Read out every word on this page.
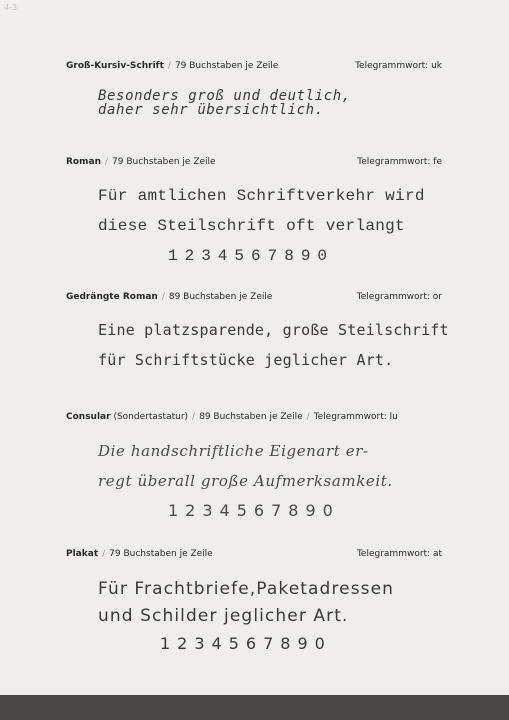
4-3
Groß-Kursiv-Schrift / 79 Buchstaben je Zeile	Telegrammwort: uk
Besonders groß und deutlich,
daher sehr übersichtlich.
Roman / 79 Buchstaben je Zeile	Telegrammwort: fe
Für amtlichen Schriftverkehr wird
diese Steilschrift oft verlangt
1234567890
Gedrängte Roman / 89 Buchstaben je Zeile	Telegrammwort: or
Eine platzsparende, große Steilschrift
für Schriftstücke jeglicher Art.
Consular (Sondertastatur) / 89 Buchstaben je Zeile / Telegrammwort: lu
Die handschriftliche Eigenart er-
regt überall große Aufmerksamkeit.
1234567890
Plakat / 79 Buchstaben je Zeile	Telegrammwort: at
Für Frachtbriefe,Paketadressen
und Schilder jeglicher Art.
1234567890
